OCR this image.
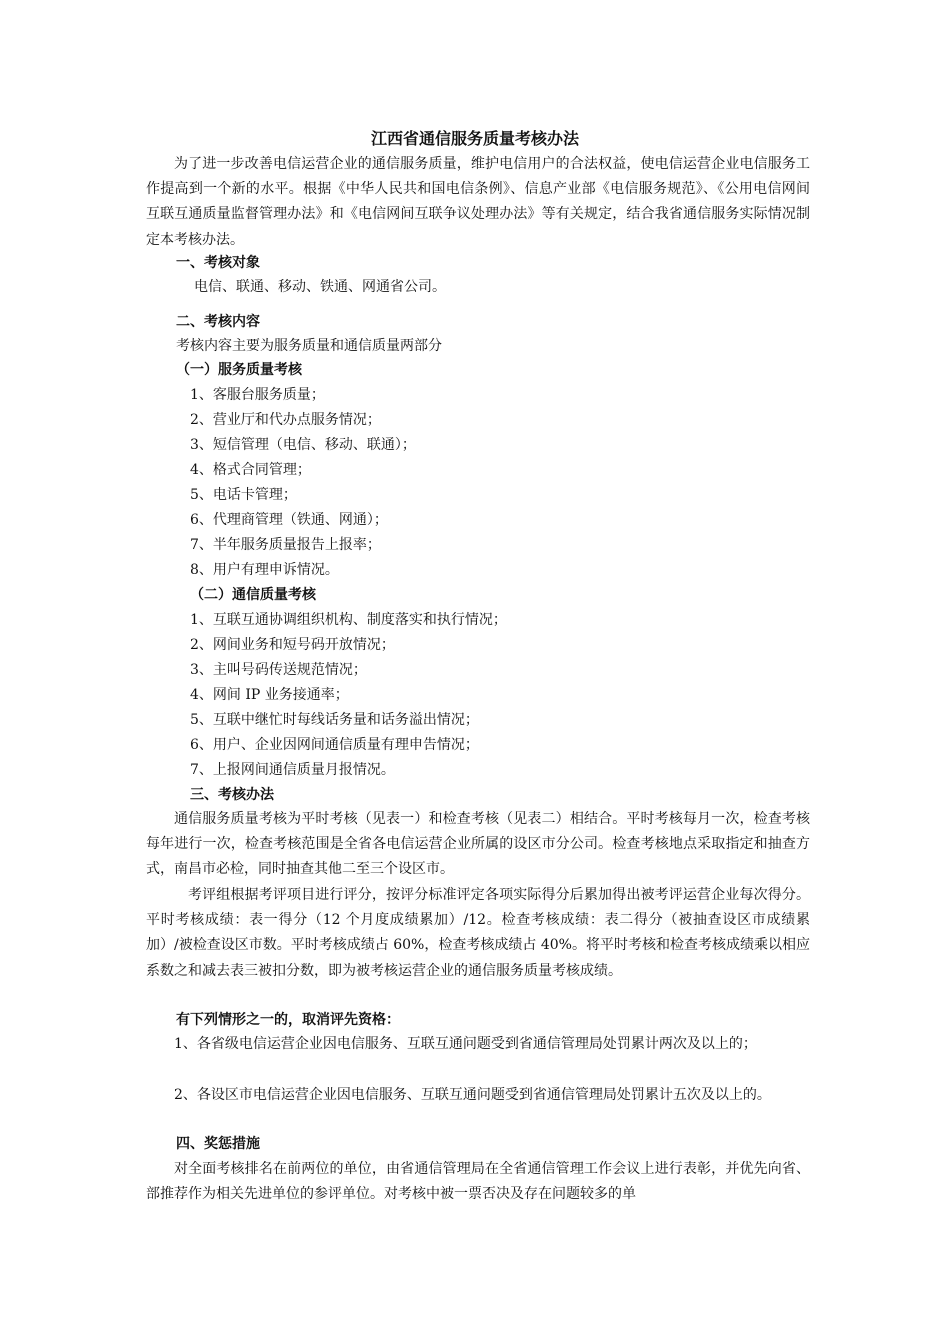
江西省通信服务质量考核办法

为了进一步改善电信运营企业的通信服务质量，维护电信用户的合法权益，使电信运营企业电信服务工作提高到一个新的水平。根据《中华人民共和国电信条例》、信息产业部《电信服务规范》、《公用电信网间互联互通质量监督管理办法》和《电信网间互联争议处理办法》等有关规定，结合我省通信服务实际情况制定本考核办法。

一、考核对象

电信、联通、移动、铁通、网通省公司。

二、考核内容

考核内容主要为服务质量和通信质量两部分

（一）服务质量考核

1、客服台服务质量；

2、营业厅和代办点服务情况；

3、短信管理（电信、移动、联通）；

4、格式合同管理；

5、电话卡管理；

6、代理商管理（铁通、网通）；

7、半年服务质量报告上报率；

8、用户有理申诉情况。

（二）通信质量考核

1、互联互通协调组织机构、制度落实和执行情况；

2、网间业务和短号码开放情况；

3、主叫号码传送规范情况；

4、网间 IP 业务接通率；

5、互联中继忙时每线话务量和话务溢出情况；

6、用户、企业因网间通信质量有理申告情况；

7、上报网间通信质量月报情况。

三、考核办法

通信服务质量考核为平时考核（见表一）和检查考核（见表二）相结合。平时考核每月一次，检查考核每年进行一次，检查考核范围是全省各电信运营企业所属的设区市分公司。检查考核地点采取指定和抽查方式，南昌市必检，同时抽查其他二至三个设区市。

考评组根据考评项目进行评分，按评分标准评定各项实际得分后累加得出被考评运营企业每次得分。平时考核成绩：表一得分（12 个月度成绩累加）/12。检查考核成绩：表二得分（被抽查设区市成绩累加）/被检查设区市数。平时考核成绩占 60%，检查考核成绩占 40%。将平时考核和检查考核成绩乘以相应系数之和减去表三被扣分数，即为被考核运营企业的通信服务质量考核成绩。

有下列情形之一的，取消评先资格：

1、各省级电信运营企业因电信服务、互联互通问题受到省通信管理局处罚累计两次及以上的；

2、各设区市电信运营企业因电信服务、互联互通问题受到省通信管理局处罚累计五次及以上的。

四、奖惩措施

对全面考核排名在前两位的单位，由省通信管理局在全省通信管理工作会议上进行表彰，并优先向省、部推荐作为相关先进单位的参评单位。对考核中被一票否决及存在问题较多的单
